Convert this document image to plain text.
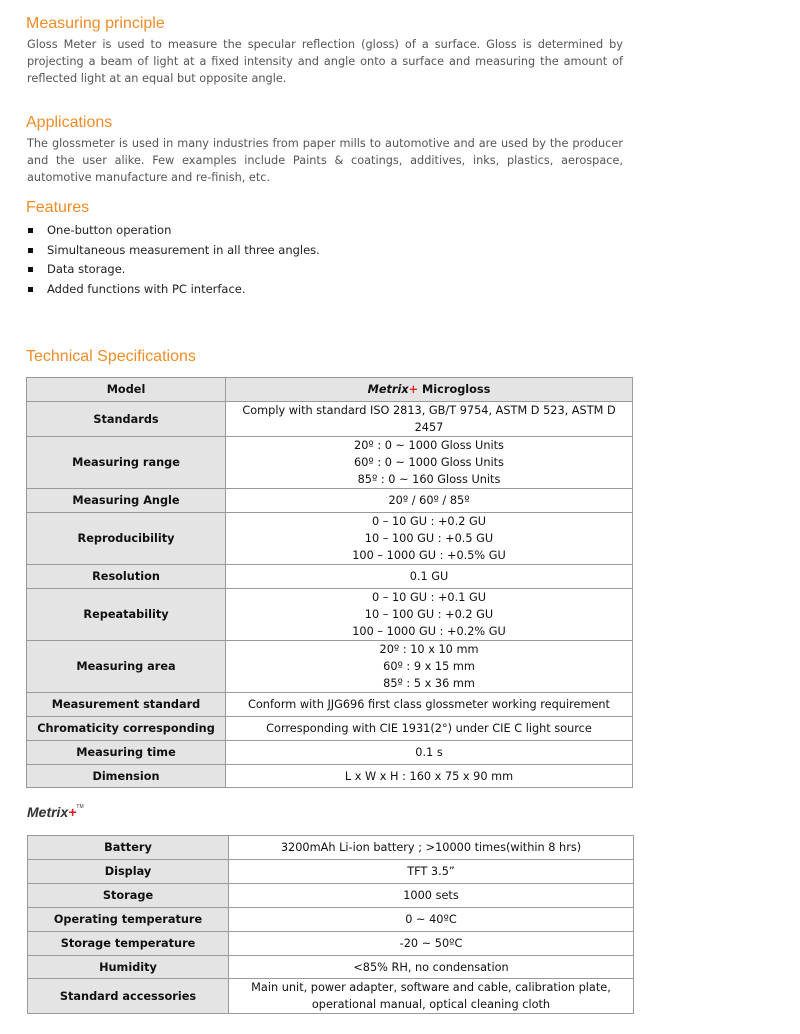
Measuring principle

Gloss Meter is used to measure the specular reflection (gloss) of a surface. Gloss is determined by projecting a beam of light at a fixed intensity and angle onto a surface and measuring the amount of reflected light at an equal but opposite angle.

Applications

The glossmeter is used in many industries from paper mills to automotive and are used by the producer and the user alike. Few examples include Paints & coatings, additives, inks, plastics, aerospace, automotive manufacture and re-finish, etc.

Features
One-button operation
Simultaneous measurement in all three angles.
Data storage.
Added functions with PC interface.
Technical Specifications
Model	Metrix+ Microgloss
Standards	Comply with standard ISO 2813, GB/T 9754, ASTM D 523, ASTM D
2457

Measuring range	20º : 0 ~ 1000 Gloss Units
60º : 0 ~ 1000 Gloss Units
85º : 0 ~ 160 Gloss Units

Measuring Angle	20º / 60º / 85º

Reproducibility	0 – 10 GU : +0.2 GU
10 – 100 GU : +0.5 GU
100 – 1000 GU : +0.5% GU

Resolution	0.1 GU

Repeatability	0 – 10 GU : +0.1 GU
10 – 100 GU : +0.2 GU
100 – 1000 GU : +0.2% GU

Measuring area	20º : 10 x 10 mm
60º : 9 x 15 mm
85º : 5 x 36 mm

Measurement standard	Conform with JJG696 first class glossmeter working requirement

Chromaticity corresponding	Corresponding with CIE 1931(2°) under CIE C light source

Measuring time	0.1 s

Dimension	L x W x H : 160 x 75 x 90 mm
Metrix+™
Battery	3200mAh Li-ion battery ; >10000 times(within 8 hrs)

Display	TFT 3.5”

Storage	1000 sets

Operating temperature	0 ~ 40ºC

Storage temperature	-20 ~ 50ºC

Humidity	<85% RH, no condensation

Standard accessories	Main unit, power adapter, software and cable, calibration plate,
operational manual, optical cleaning cloth
